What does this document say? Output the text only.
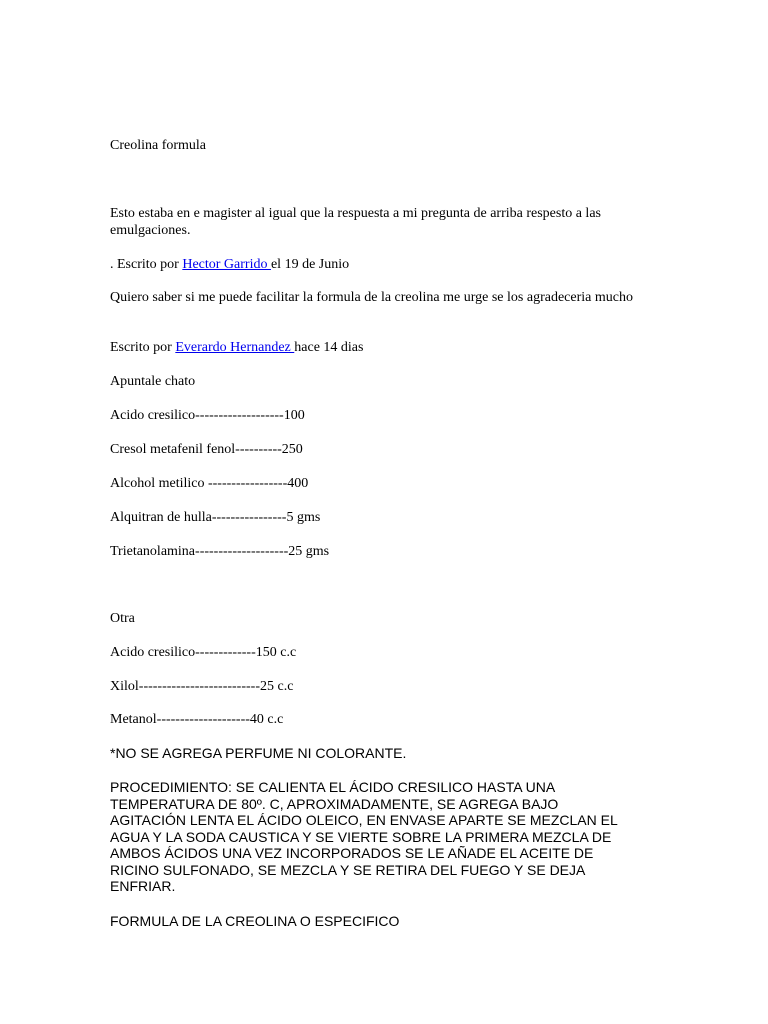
Creolina formula

Esto estaba en e magister al igual que la respuesta a mi pregunta de arriba respesto a las emulgaciones.

. Escrito por Hector Garrido el 19 de Junio

Quiero saber si me puede facilitar la formula de la creolina me urge se los agradeceria mucho

Escrito por Everardo Hernandez hace 14 dias

Apuntale chato

Acido cresilico-------------------100

Cresol metafenil fenol----------250

Alcohol metilico -----------------400

Alquitran de hulla----------------5 gms

Trietanolamina--------------------25 gms

Otra

Acido cresilico-------------150 c.c

Xilol--------------------------25 c.c

Metanol--------------------40 c.c

*NO SE AGREGA PERFUME NI COLORANTE.

PROCEDIMIENTO: SE CALIENTA EL ÁCIDO CRESILICO HASTA UNA

TEMPERATURA DE 80º. C, APROXIMADAMENTE, SE AGREGA BAJO

AGITACIÓN LENTA EL ÁCIDO OLEICO, EN ENVASE APARTE SE MEZCLAN EL

AGUA Y LA SODA CAUSTICA Y SE VIERTE SOBRE LA PRIMERA MEZCLA DE

AMBOS ÁCIDOS UNA VEZ INCORPORADOS SE LE AÑADE EL ACEITE DE

RICINO SULFONADO, SE MEZCLA Y SE RETIRA DEL FUEGO Y SE DEJA

ENFRIAR.

FORMULA DE LA CREOLINA O ESPECIFICO
